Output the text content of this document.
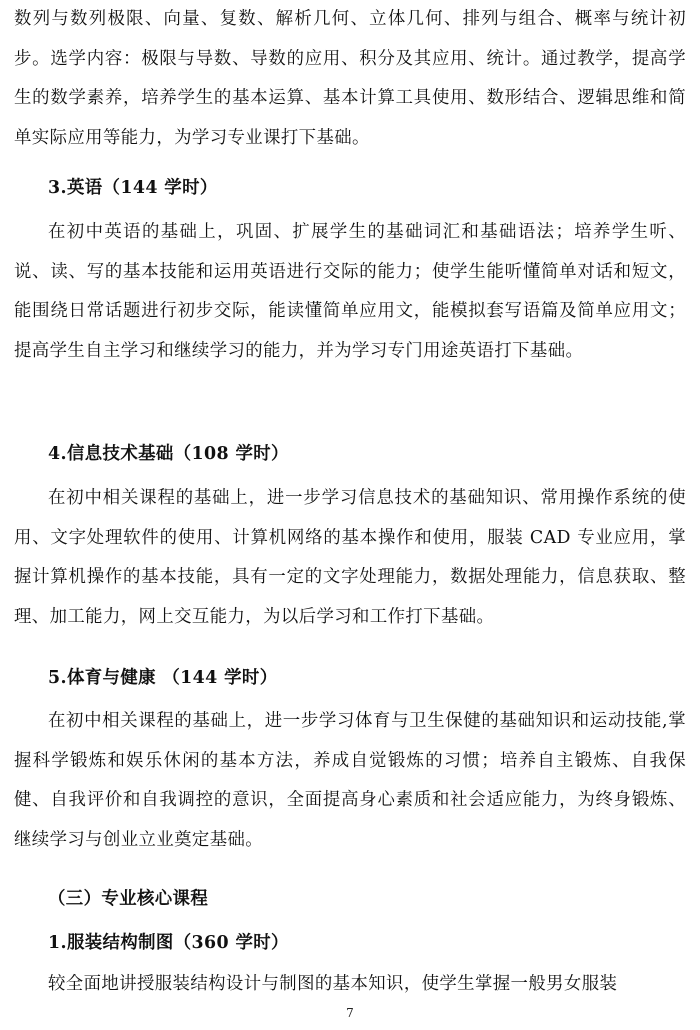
数列与数列极限、向量、复数、解析几何、立体几何、排列与组合、概率与统计初步。选学内容：极限与导数、导数的应用、积分及其应用、统计。通过教学，提高学生的数学素养，培养学生的基本运算、基本计算工具使用、数形结合、逻辑思维和简单实际应用等能力，为学习专业课打下基础。

3.英语（144 学时）

在初中英语的基础上，巩固、扩展学生的基础词汇和基础语法；培养学生听、说、读、写的基本技能和运用英语进行交际的能力；使学生能听懂简单对话和短文，能围绕日常话题进行初步交际，能读懂简单应用文，能模拟套写语篇及简单应用文；提高学生自主学习和继续学习的能力，并为学习专门用途英语打下基础。

4.信息技术基础（108 学时）

在初中相关课程的基础上，进一步学习信息技术的基础知识、常用操作系统的使用、文字处理软件的使用、计算机网络的基本操作和使用，服装 CAD 专业应用，掌握计算机操作的基本技能，具有一定的文字处理能力，数据处理能力，信息获取、整理、加工能力，网上交互能力，为以后学习和工作打下基础。

5.体育与健康 （144 学时）

在初中相关课程的基础上，进一步学习体育与卫生保健的基础知识和运动技能,掌握科学锻炼和娱乐休闲的基本方法，养成自觉锻炼的习惯；培养自主锻炼、自我保健、自我评价和自我调控的意识，全面提高身心素质和社会适应能力，为终身锻炼、继续学习与创业立业奠定基础。

（三）专业核心课程
1.服装结构制图（360 学时）

较全面地讲授服装结构设计与制图的基本知识，使学生掌握一般男女服装

7
